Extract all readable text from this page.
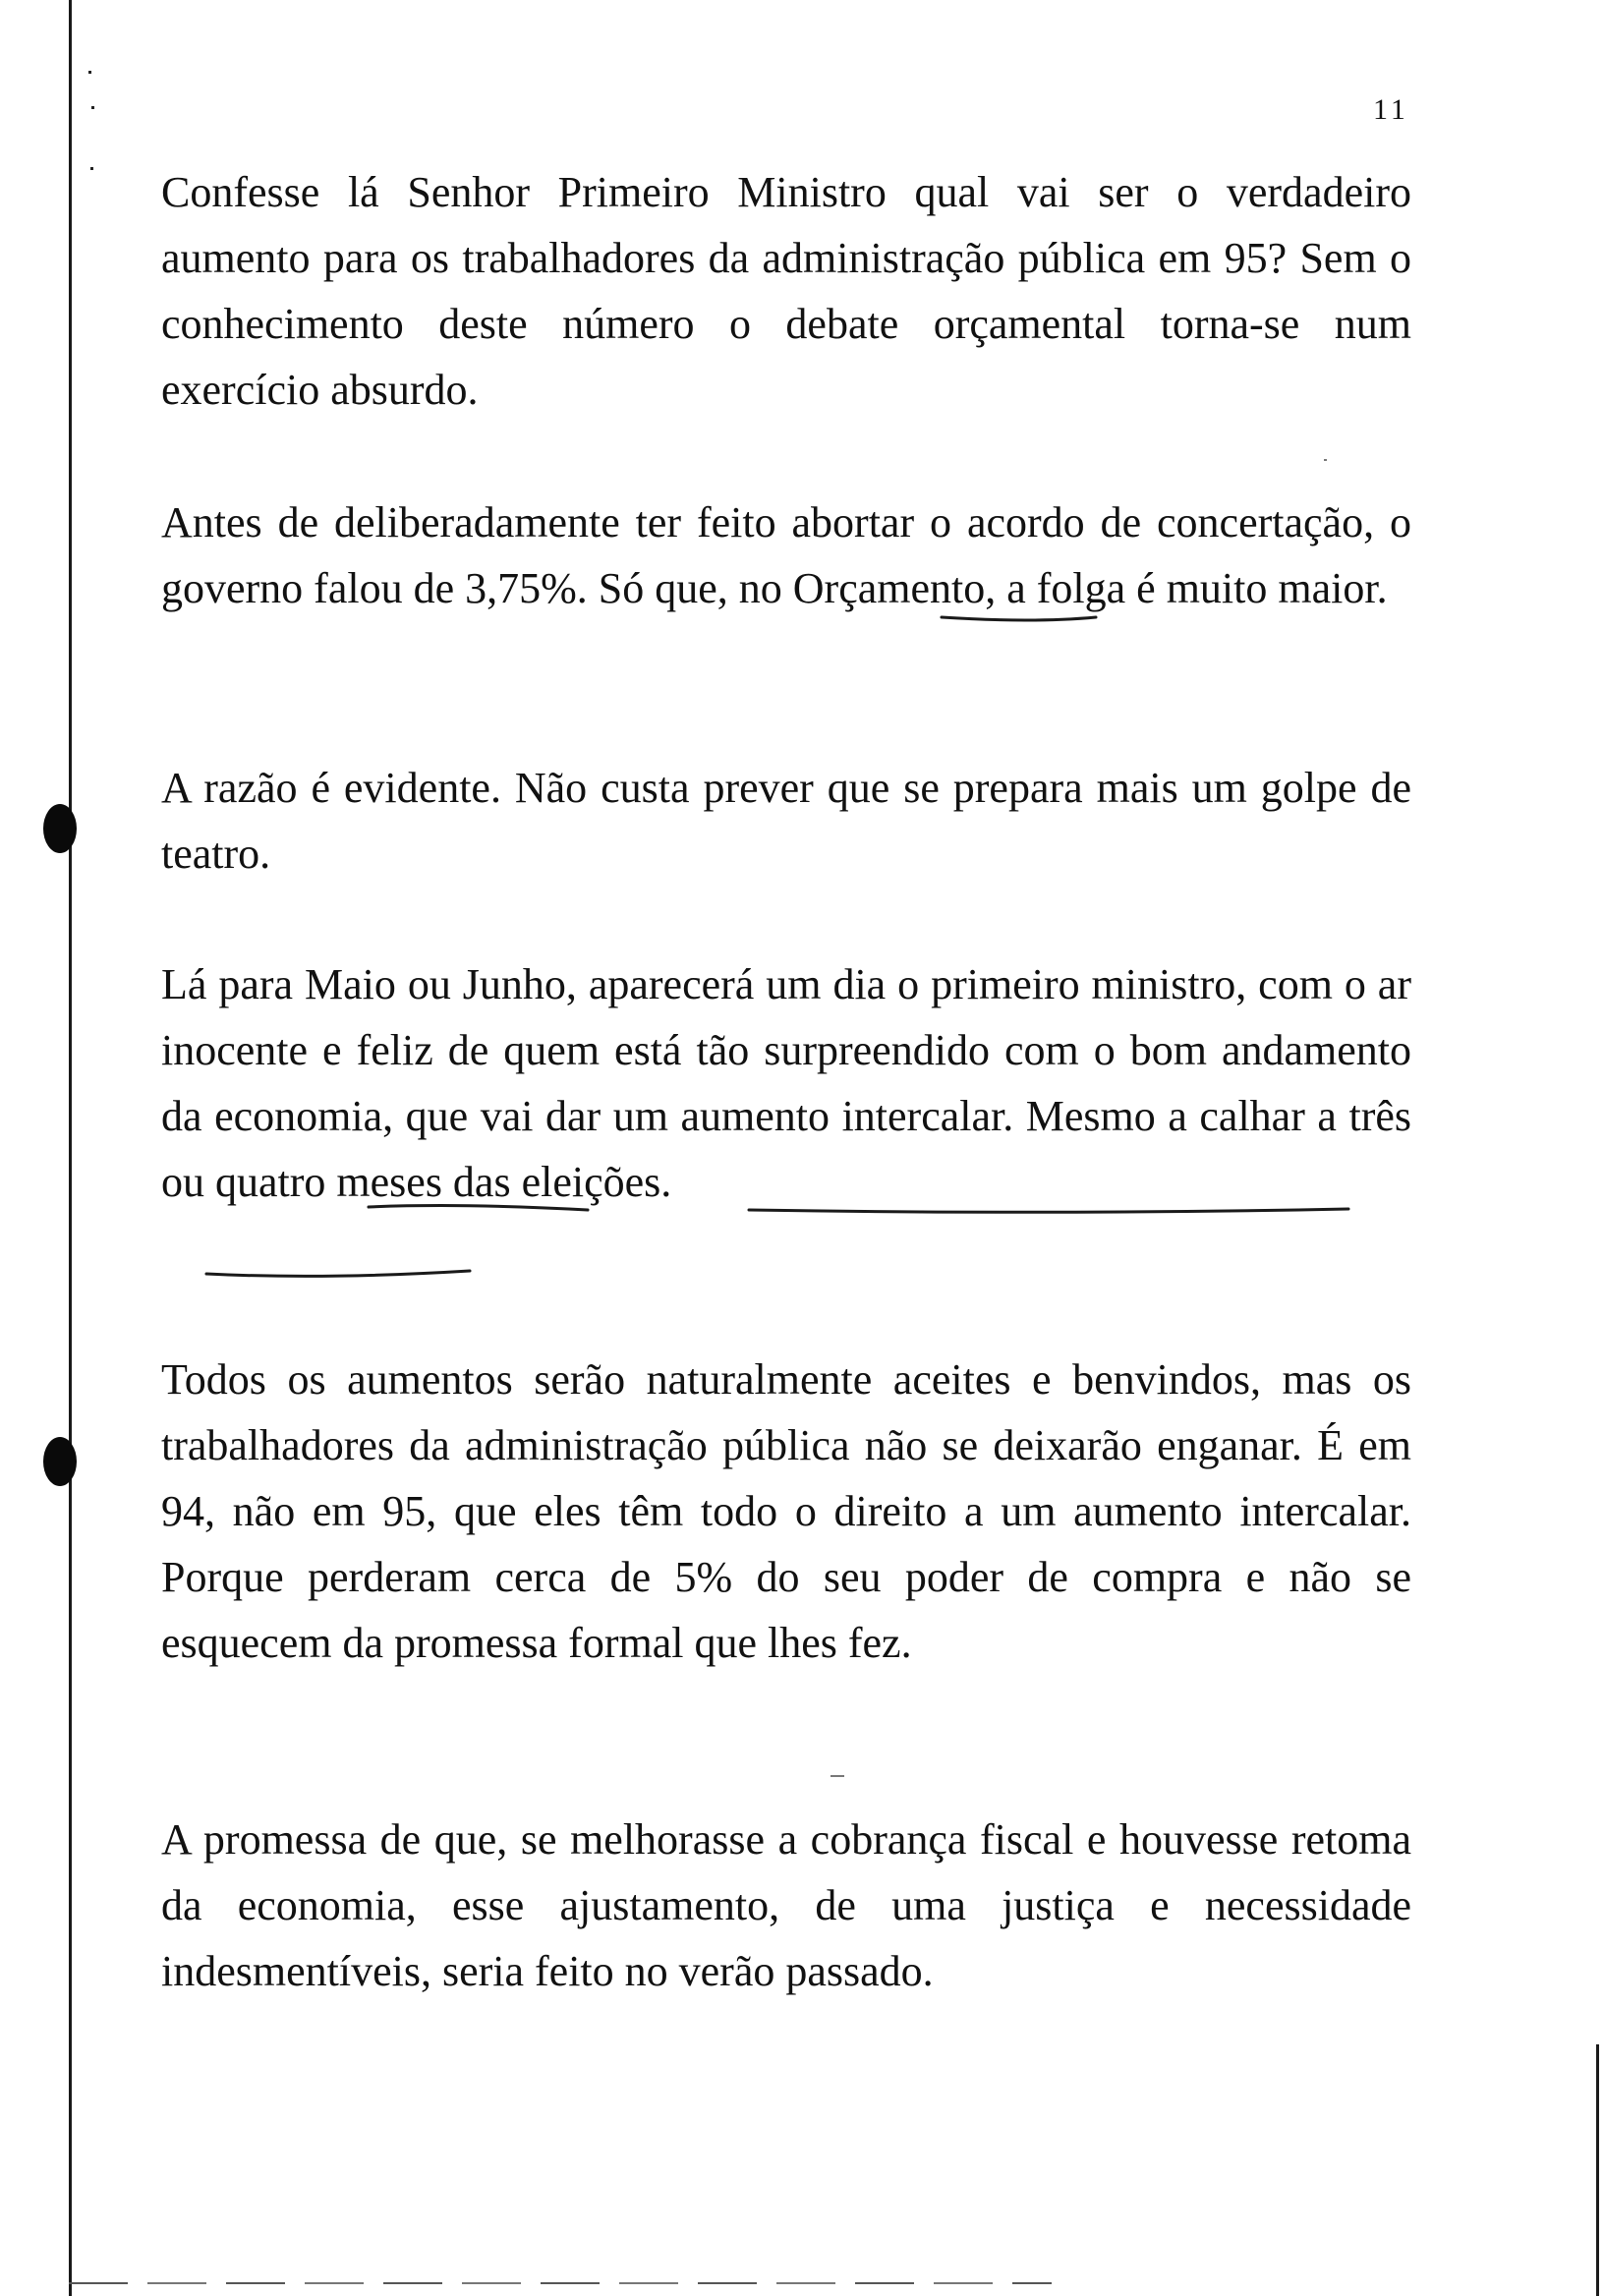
11

Confesse lá Senhor Primeiro Ministro qual vai ser o verdadeiro aumento para os trabalhadores da administração pública em 95? Sem o conhecimento deste número o debate orçamental torna-se num exercício absurdo.

Antes de deliberadamente ter feito abortar o acordo de concertação, o governo falou de 3,75%. Só que, no Orçamento, a folga é muito maior.

A razão é evidente. Não custa prever que se prepara mais um golpe de teatro.

Lá para Maio ou Junho, aparecerá um dia o primeiro ministro, com o ar inocente e feliz de quem está tão surpreendido com o bom andamento da economia, que vai dar um aumento intercalar. Mesmo a calhar a três ou quatro meses das eleições.

Todos os aumentos serão naturalmente aceites e benvindos, mas os trabalhadores da administração pública não se deixarão enganar. É em 94, não em 95, que eles têm todo o direito a um aumento intercalar. Porque perderam cerca de 5% do seu poder de compra e não se esquecem da promessa formal que lhes fez.

A promessa de que, se melhorasse a cobrança fiscal e houvesse retoma da economia, esse ajustamento, de uma justiça e necessidade indesmentíveis, seria feito no verão passado.
